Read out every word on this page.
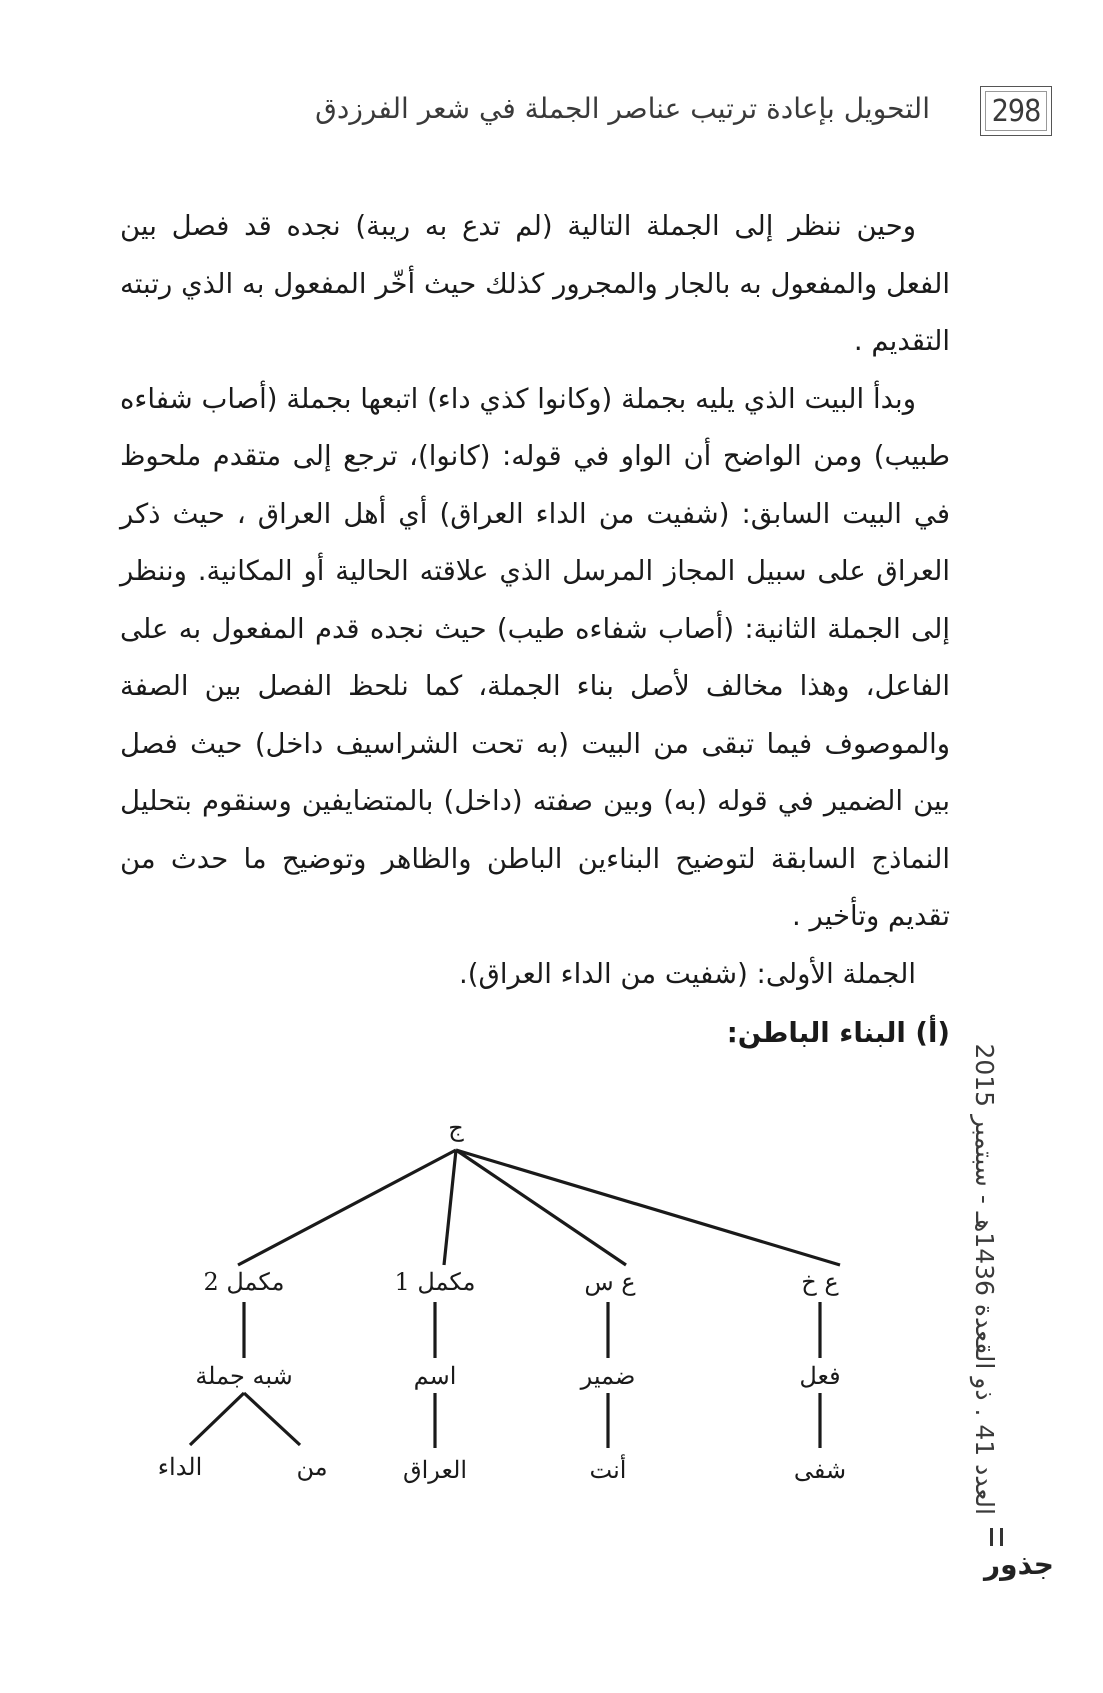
التحويل بإعادة ترتيب عناصر الجملة في شعر الفرزدق 298

وحين ننظر إلى الجملة التالية (لم تدع به ريبة) نجده قد فصل بين الفعل والمفعول به بالجار والمجرور كذلك حيث أخّر المفعول به الذي رتبته التقديم .

وبدأ البيت الذي يليه بجملة (وكانوا كذي داء) اتبعها بجملة (أصاب شفاءه طبيب) ومن الواضح أن الواو في قوله: (كانوا)، ترجع إلى متقدم ملحوظ في البيت السابق: (شفيت من الداء العراق) أي أهل العراق ، حيث ذكر العراق على سبيل المجاز المرسل الذي علاقته الحالية أو المكانية. وننظر إلى الجملة الثانية: (أصاب شفاءه طيب) حيث نجده قدم المفعول به على الفاعل، وهذا مخالف لأصل بناء الجملة، كما نلحظ الفصل بين الصفة والموصوف فيما تبقى من البيت (به تحت الشراسيف داخل) حيث فصل بين الضمير في قوله (به) وبين صفته (داخل) بالمتضايفين وسنقوم بتحليل النماذج السابقة لتوضيح البناءين الباطن والظاهر وتوضيح ما حدث من تقديم وتأخير .

الجملة الأولى: (شفيت من الداء العراق).

(أ) البناء الباطن:

ج
مكمل 2	مكمل 1	ع س	ع خ
شبه جملة	اسم	ضمير	فعل
الداء	من	العراق	أنت	شفى
العدد 41 . ذو القعدة 1436هـ - سبتمبر 2015
جذور
